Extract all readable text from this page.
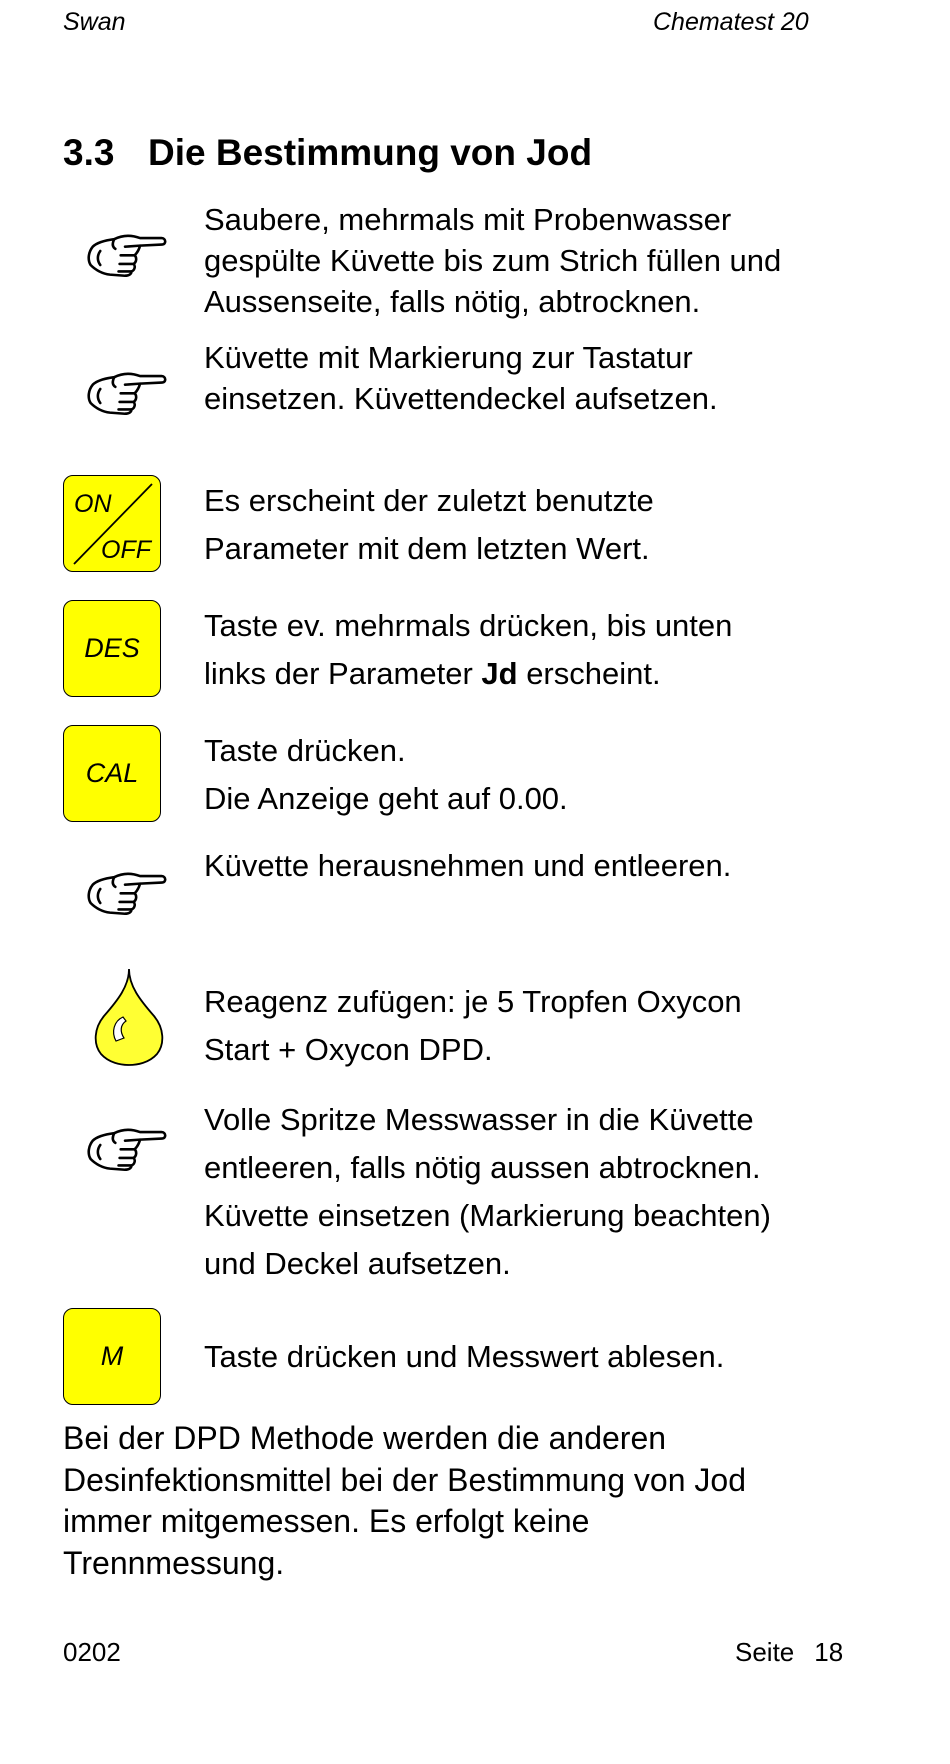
Swan	Chematest 20
3.3 Die Bestimmung von Jod
Saubere, mehrmals mit Probenwasser
gespülte Küvette bis zum Strich füllen und
Aussenseite, falls nötig, abtrocknen.
Küvette mit Markierung zur Tastatur
einsetzen. Küvettendeckel aufsetzen.
ON
OFF
Es erscheint der zuletzt benutzte
Parameter mit dem letzten Wert.
DES
Taste ev. mehrmals drücken, bis unten
links der Parameter Jd erscheint.
CAL
Taste drücken.
Die Anzeige geht auf 0.00.
Küvette herausnehmen und entleeren.
Reagenz zufügen: je 5 Tropfen Oxycon
Start + Oxycon DPD.
Volle Spritze Messwasser in die Küvette
entleeren, falls nötig aussen abtrocknen.
Küvette einsetzen (Markierung beachten)
und Deckel aufsetzen.
M	Taste drücken und Messwert ablesen.
Bei der DPD Methode werden die anderen
Desinfektionsmittel bei der Bestimmung von Jod
immer mitgemessen. Es erfolgt keine
Trennmessung.
0202	Seite 18
